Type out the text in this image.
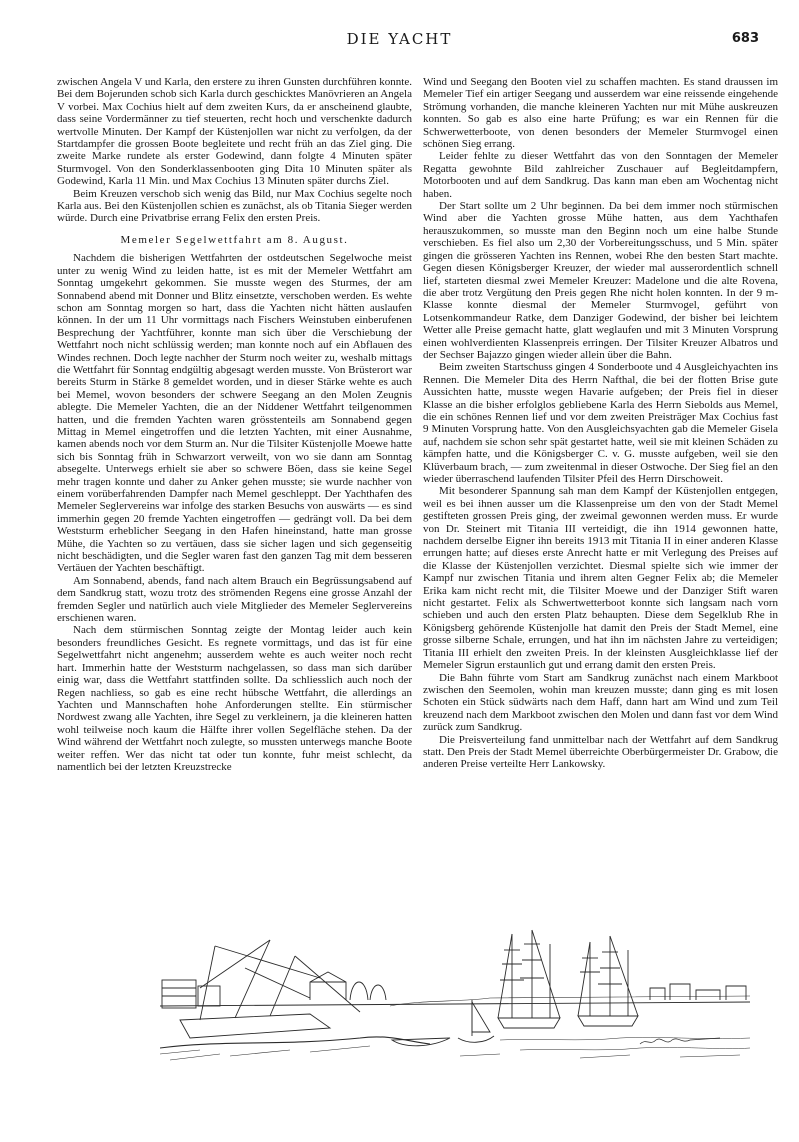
DIE YACHT	683

zwischen Angela V und Karla, den erstere zu ihren Gunsten durchführen konnte. Bei dem Bojerunden schob sich Karla durch geschicktes Manövrieren an Angela V vorbei. Max Cochius hielt auf dem zweiten Kurs, da er anscheinend glaubte, dass seine Vordermänner zu tief steuerten, recht hoch und verschenkte dadurch wertvolle Minuten. Der Kampf der Küstenjollen war nicht zu verfolgen, da der Startdampfer die grossen Boote begleitete und recht früh an das Ziel ging. Die zweite Marke rundete als erster Godewind, dann folgte 4 Minuten später Sturmvogel. Von den Sonderklassenbooten ging Dita 10 Minuten später als Godewind, Karla 11 Min. und Max Cochius 13 Minuten später durchs Ziel.

Beim Kreuzen verschob sich wenig das Bild, nur Max Cochius segelte noch Karla aus. Bei den Küstenjollen schien es zunächst, als ob Titania Sieger werden würde. Durch eine Privatbrise errang Felix den ersten Preis.

Memeler Segelwettfahrt am 8. August.

Nachdem die bisherigen Wettfahrten der ostdeutschen Segelwoche meist unter zu wenig Wind zu leiden hatte, ist es mit der Memeler Wettfahrt am Sonntag umgekehrt gekommen. Sie musste wegen des Sturmes, der am Sonnabend abend mit Donner und Blitz einsetzte, verschoben werden. Es wehte schon am Sonntag morgen so hart, dass die Yachten nicht hätten auslaufen können. In der um 11 Uhr vormittags nach Fischers Weinstuben einberufenen Besprechung der Yachtführer, konnte man sich über die Verschiebung der Wettfahrt noch nicht schlüssig werden; man konnte noch auf ein Abflauen des Windes rechnen. Doch legte nachher der Sturm noch weiter zu, weshalb mittags die Wettfahrt für Sonntag endgültig abgesagt werden musste. Von Brüsterort war bereits Sturm in Stärke 8 gemeldet worden, und in dieser Stärke wehte es auch bei Memel, wovon besonders der schwere Seegang an den Molen Zeugnis ablegte. Die Memeler Yachten, die an der Niddener Wettfahrt teilgenommen hatten, und die fremden Yachten waren grösstenteils am Sonnabend gegen Mittag in Memel eingetroffen und die letzten Yachten, mit einer Ausnahme, kamen abends noch vor dem Sturm an. Nur die Tilsiter Küstenjolle Moewe hatte sich bis Sonntag früh in Schwarzort verweilt, von wo sie dann am Sonntag absegelte. Unterwegs erhielt sie aber so schwere Böen, dass sie keine Segel mehr tragen konnte und daher zu Anker gehen musste; sie wurde nachher von einem vorüberfahrenden Dampfer nach Memel geschleppt. Der Yachthafen des Memeler Seglervereins war infolge des starken Besuchs von auswärts — es sind immerhin gegen 20 fremde Yachten eingetroffen — gedrängt voll. Da bei dem Weststurm erheblicher Seegang in den Hafen hineinstand, hatte man grosse Mühe, die Yachten so zu vertäuen, dass sie sicher lagen und sich gegenseitig nicht beschädigten, und die Segler waren fast den ganzen Tag mit dem besseren Vertäuen der Yachten beschäftigt.

Am Sonnabend, abends, fand nach altem Brauch ein Begrüssungsabend auf dem Sandkrug statt, wozu trotz des strömenden Regens eine grosse Anzahl der fremden Segler und natürlich auch viele Mitglieder des Memeler Seglervereins erschienen waren.

Nach dem stürmischen Sonntag zeigte der Montag leider auch kein besonders freundliches Gesicht. Es regnete vormittags, und das ist für eine Segelwettfahrt nicht angenehm; ausserdem wehte es auch weiter noch recht hart. Immerhin hatte der Weststurm nachgelassen, so dass man sich darüber einig war, dass die Wettfahrt stattfinden sollte. Da schliesslich auch noch der Regen nachliess, so gab es eine recht hübsche Wettfahrt, die allerdings an Yachten und Mannschaften hohe Anforderungen stellte. Ein stürmischer Nordwest zwang alle Yachten, ihre Segel zu verkleinern, ja die kleineren hatten wohl teilweise noch kaum die Hälfte ihrer vollen Segelfläche stehen. Da der Wind während der Wettfahrt noch zulegte, so mussten unterwegs manche Boote weiter reffen. Wer das nicht tat oder tun konnte, fuhr meist schlecht, da namentlich bei der letzten Kreuzstrecke

Wind und Seegang den Booten viel zu schaffen machten. Es stand draussen im Memeler Tief ein artiger Seegang und ausserdem war eine reissende eingehende Strömung vorhanden, die manche kleineren Yachten nur mit Mühe auskreuzen konnten. So gab es also eine harte Prüfung; es war ein Rennen für die Schwerwetterboote, von denen besonders der Memeler Sturmvogel einen schönen Sieg errang.

Leider fehlte zu dieser Wettfahrt das von den Sonntagen der Memeler Regatta gewohnte Bild zahlreicher Zuschauer auf Begleitdampfern, Motorbooten und auf dem Sandkrug. Das kann man eben am Wochentag nicht haben.

Der Start sollte um 2 Uhr beginnen. Da bei dem immer noch stürmischen Wind aber die Yachten grosse Mühe hatten, aus dem Yachthafen herauszukommen, so musste man den Beginn noch um eine halbe Stunde verschieben. Es fiel also um 2,30 der Vorbereitungsschuss, und 5 Min. später gingen die grösseren Yachten ins Rennen, wobei Rhe den besten Start machte. Gegen diesen Königsberger Kreuzer, der wieder mal ausserordentlich schnell lief, starteten diesmal zwei Memeler Kreuzer: Madelone und die alte Rovena, die aber trotz Vergütung den Preis gegen Rhe nicht holen konnten. In der 9 m-Klasse konnte diesmal der Memeler Sturmvogel, geführt von Lotsenkommandeur Ratke, dem Danziger Godewind, der bisher bei leichtem Wetter alle Preise gemacht hatte, glatt weglaufen und mit 3 Minuten Vorsprung einen wohlverdienten Klassenpreis erringen. Der Tilsiter Kreuzer Albatros und der Sechser Bajazzo gingen wieder allein über die Bahn.

Beim zweiten Startschuss gingen 4 Sonderboote und 4 Ausgleichyachten ins Rennen. Die Memeler Dita des Herrn Nafthal, die bei der flotten Brise gute Aussichten hatte, musste wegen Havarie aufgeben; der Preis fiel in dieser Klasse an die bisher erfolglos gebliebene Karla des Herrn Siebolds aus Memel, die ein schönes Rennen lief und vor dem zweiten Preisträger Max Cochius fast 9 Minuten Vorsprung hatte. Von den Ausgleichsyachten gab die Memeler Gisela auf, nachdem sie schon sehr spät gestartet hatte, weil sie mit kleinen Schäden zu kämpfen hatte, und die Königsberger C. v. G. musste aufgeben, weil sie den Klüverbaum brach, — zum zweitenmal in dieser Ostwoche. Der Sieg fiel an den wieder überraschend laufenden Tilsiter Pfeil des Herrn Dirschoweit.

Mit besonderer Spannung sah man dem Kampf der Küstenjollen entgegen, weil es bei ihnen ausser um die Klassenpreise um den von der Stadt Memel gestifteten grossen Preis ging, der zweimal gewonnen werden muss. Er wurde von Dr. Steinert mit Titania III verteidigt, die ihn 1914 gewonnen hatte, nachdem derselbe Eigner ihn bereits 1913 mit Titania II in einer anderen Klasse errungen hatte; auf dieses erste Anrecht hatte er mit Verlegung des Preises auf die Klasse der Küstenjollen verzichtet. Diesmal spielte sich wie immer der Kampf nur zwischen Titania und ihrem alten Gegner Felix ab; die Memeler Erika kam nicht recht mit, die Tilsiter Moewe und der Danziger Stift waren nicht gestartet. Felix als Schwertwetterboot konnte sich langsam nach vorn schieben und auch den ersten Platz behaupten. Diese dem Segelklub Rhe in Königsberg gehörende Küstenjolle hat damit den Preis der Stadt Memel, eine grosse silberne Schale, errungen, und hat ihn im nächsten Jahre zu verteidigen; Titania III erhielt den zweiten Preis. In der kleinsten Ausgleichklasse lief der Memeler Sigrun erstaunlich gut und errang damit den ersten Preis.

Die Bahn führte vom Start am Sandkrug zunächst nach einem Markboot zwischen den Seemolen, wohin man kreuzen musste; dann ging es mit losen Schoten ein Stück südwärts nach dem Haff, dann hart am Wind und zum Teil kreuzend nach dem Markboot zwischen den Molen und dann fast vor dem Wind zurück zum Sandkrug.

Die Preisverteilung fand unmittelbar nach der Wettfahrt auf dem Sandkrug statt. Den Preis der Stadt Memel überreichte Oberbürgermeister Dr. Grabow, die anderen Preise verteilte Herr Lankowsky.
